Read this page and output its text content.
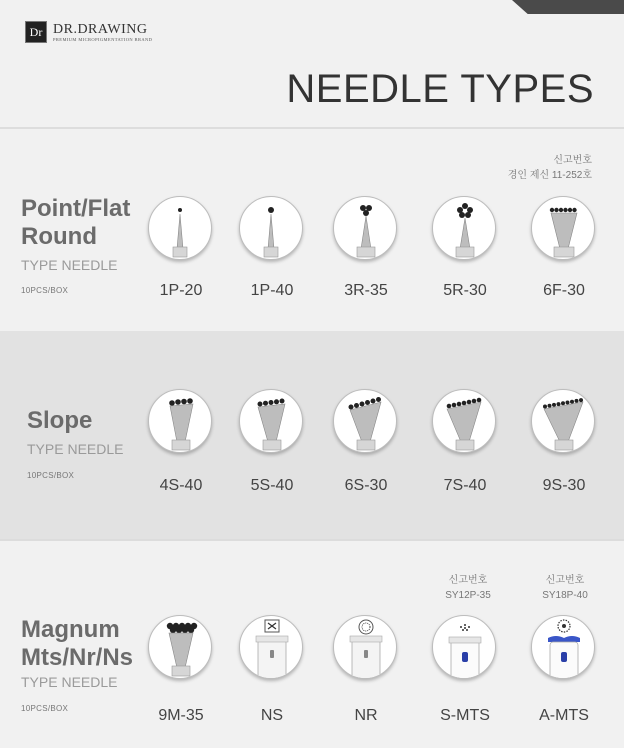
Dr DR.DRAWING
PREMIUM MICROPIGMENTATION BRAND
NEEDLE TYPES
신고번호
경인 제신 11-252호
Point/Flat
Round
TYPE NEEDLE
10PCS/BOX	1P-20	1P-40	3R-35	5R-30	6F-30
Slope
TYPE NEEDLE
10PCS/BOX
4S-40	5S-40	6S-30	7S-40	9S-30
신고번호
SY12P-35
신고번호
SY18P-40
Magnum
Mts/Nr/Ns
TYPE NEEDLE
10PCS/BOX	9M-35	NS	NR	S-MTS	A-MTS
